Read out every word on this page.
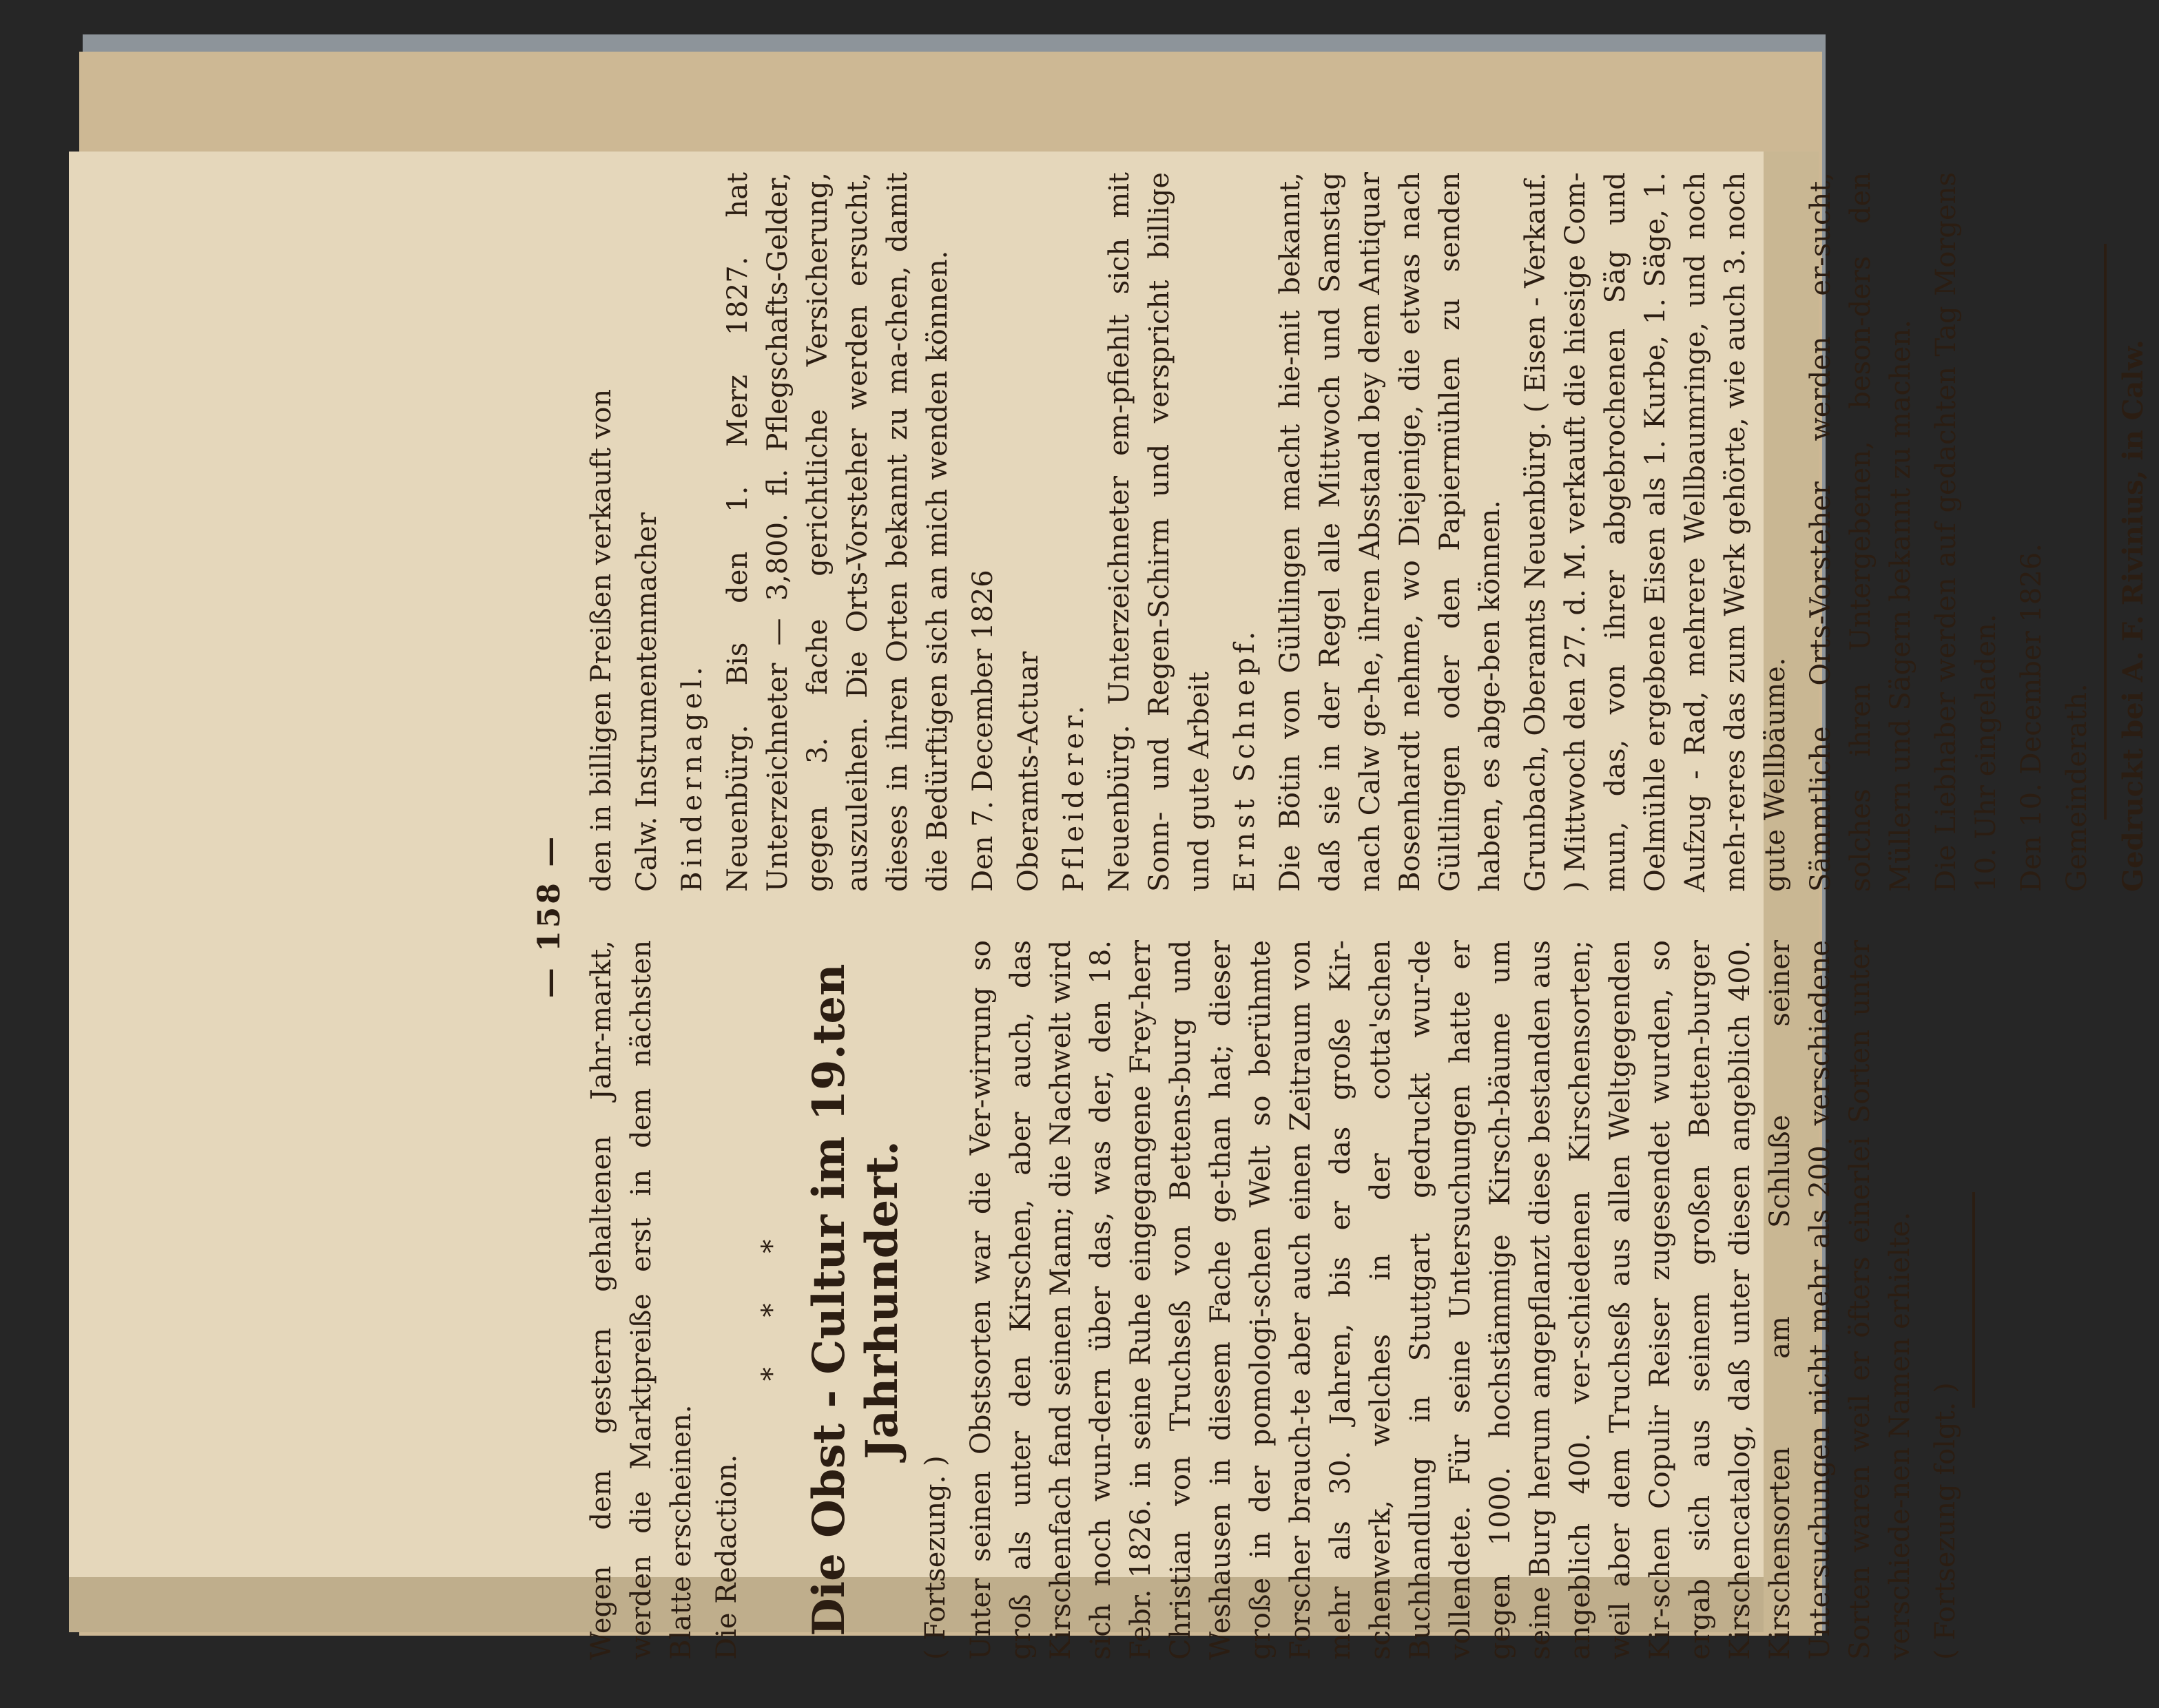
— 158 —

Wegen dem gestern gehaltenen Jahr-markt, werden die Marktpreiße erst in dem nächsten Blatte erscheinen. Die Redaction.

* * * Die Obst - Cultur im 19.ten Jahrhundert.

( Fortsezung. ) Unter seinen Obstsorten war die Ver-wirrung so groß als unter den Kirschen, aber auch, das Kirschenfach fand seinen Mann; die Nachwelt wird sich noch wun-dern über das, was der, den 18. Febr. 1826. in seine Ruhe eingegangene Frey-herr Christian von Truchseß von Bettens-burg und Weshausen in diesem Fache ge-than hat; dieser große in der pomologi-schen Welt so berühmte Forscher brauch-te aber auch einen Zeitraum von mehr als 30. Jahren, bis er das große Kir-schenwerk, welches in der cotta'schen Buchhandlung in Stuttgart gedruckt wur-de vollendete. Für seine Untersuchungen hatte er gegen 1000. hochstämmige Kirsch-bäume um seine Burg herum angepflanzt diese bestanden aus angeblich 400. ver-schiedenen Kirschensorten; weil aber dem Truchseß aus allen Weltgegenden Kir-schen Copulir Reiser zugesendet wurden, so ergab sich aus seinem großen Betten-burger Kirschencatalog, daß unter diesen angeblich 400. Kirschensorten am Schluße seiner Untersuchungen nicht mehr als 200. verschiedene Sorten waren weil er öfters einerlei Sorten unter verschiede-nen Namen erhielte. ( Fortsezung folgt. )

den in billigen Preißen verkauft von Calw. Instrumentenmacher Bindernagel. Neuenbürg. Bis den 1. Merz 1827. hat Unterzeichneter — 3,800. fl. Pflegschafts-Gelder, gegen 3. fache gerichtliche Versicherung, auszuleihen. Die Orts-Vorsteher werden ersucht, dieses in ihren Orten bekannt zu ma-chen, damit die Bedürftigen sich an mich wenden können. Den 7. December 1826 Oberamts-Actuar Pfleiderer. Neuenbürg. Unterzeichneter em-pfiehlt sich mit Sonn- und Regen-Schirm und verspricht billige und gute Arbeit Ernst Schnepf. Die Bötin von Gültlingen macht hie-mit bekannt, daß sie in der Regel alle Mittwoch und Samstag nach Calw ge-he, ihren Absstand bey dem Antiquar Bosenhardt nehme, wo Diejenige, die etwas nach Gültlingen oder den Papiermühlen zu senden haben, es abge-ben können. Grunbach, Oberamts Neuenbürg. ( Eisen - Verkauf. ) Mittwoch den 27. d. M. verkauft die hiesige Com-mun, das, von ihrer abgebrochenen Säg und Oelmühle ergebene Eisen als 1. Kurbe, 1. Säge, 1. Aufzug - Rad, mehrere Wellbaumringe, und noch meh-reres das zum Werk gehörte, wie auch 3. noch gute Wellbäume. Sämmtliche Orts-Vorsteher werden er-sucht, solches ihren Untergebenen, beson-ders den Müllern und Sägern bekannt zu machen. Die Liebhaber werden auf gedachten Tag Morgens 10. Uhr eingeladen. Den 10. December 1826. Gemeinderath. Gedruckt bei A. F. Rivinius, in Calw.
